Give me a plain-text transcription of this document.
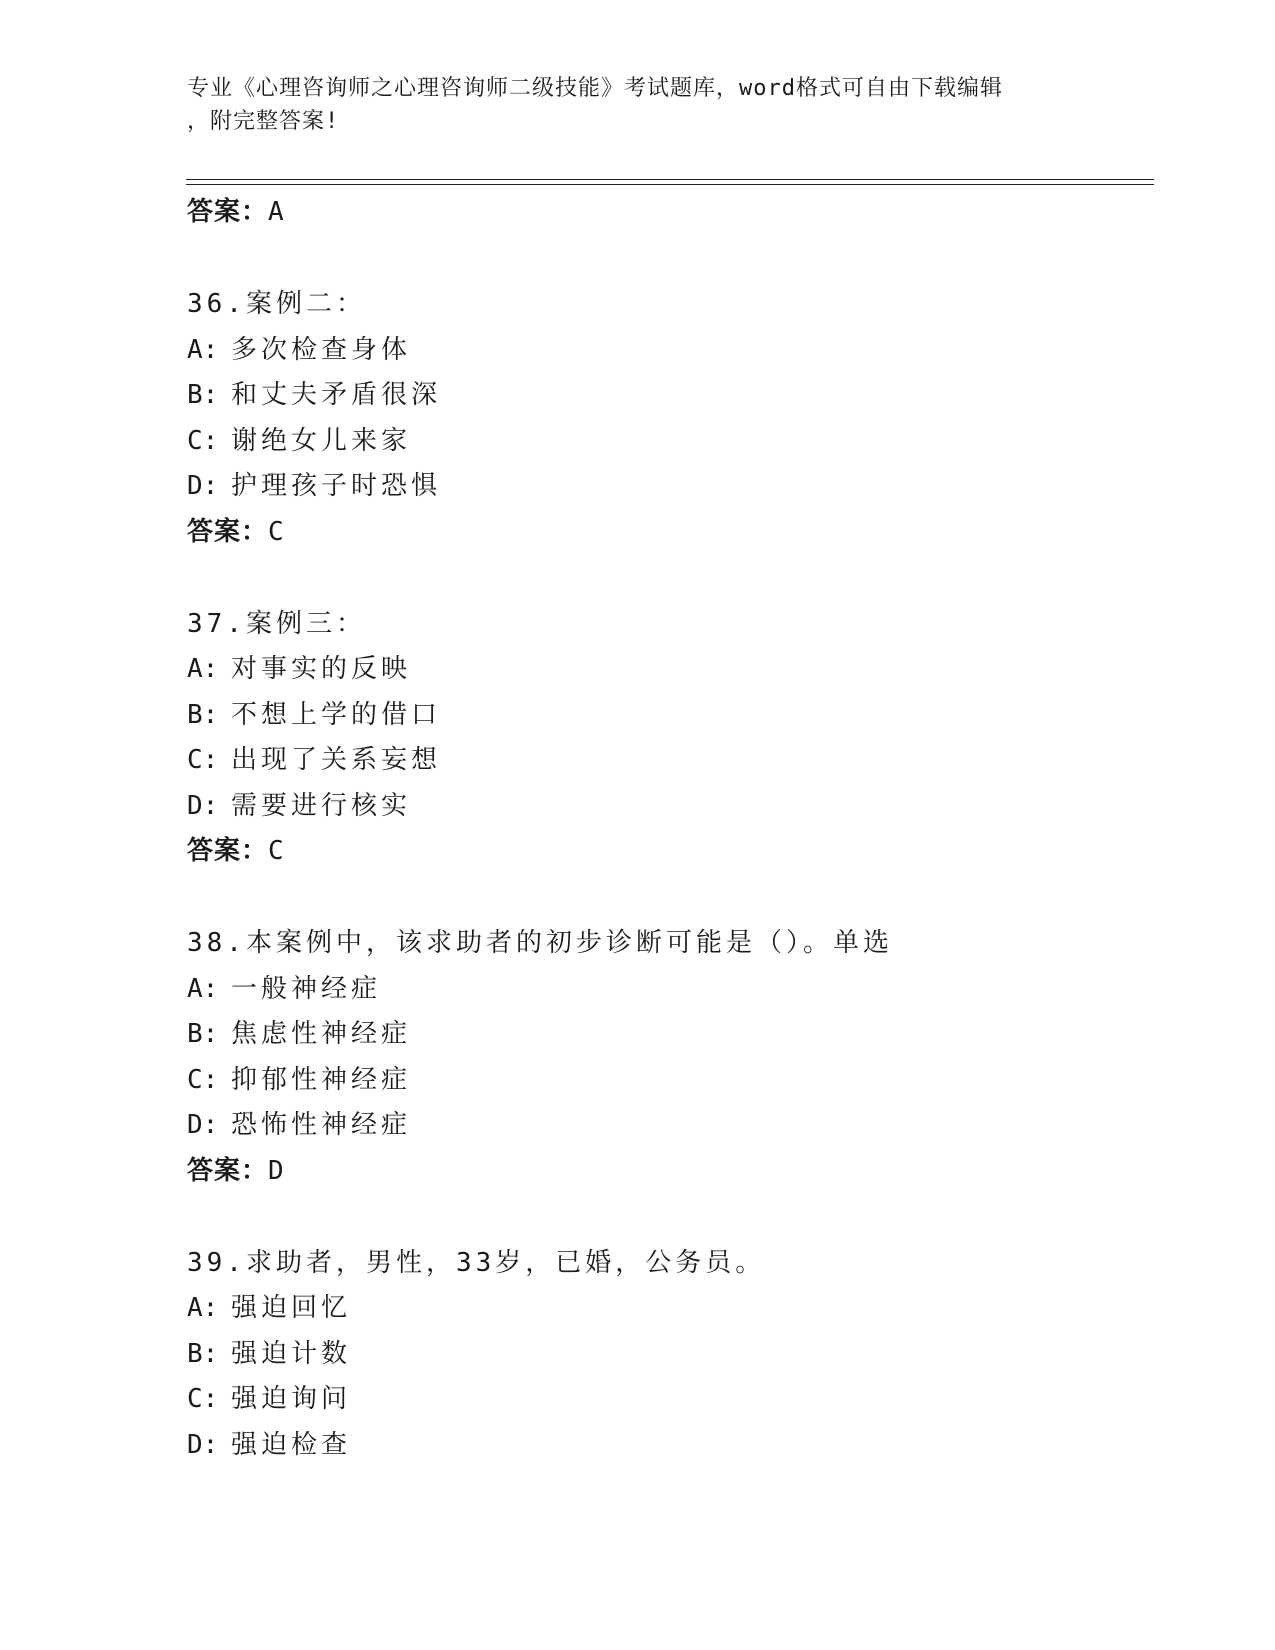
专业《心理咨询师之心理咨询师二级技能》考试题库，word格式可自由下载编辑
，附完整答案!
答案：A
36.案例二：
A: 多次检查身体
B: 和丈夫矛盾很深
C: 谢绝女儿来家
D: 护理孩子时恐惧
答案：C
37.案例三：
A: 对事实的反映
B: 不想上学的借口
C: 出现了关系妄想
D: 需要进行核实
答案：C
38.本案例中，该求助者的初步诊断可能是（）。单选
A: 一般神经症
B: 焦虑性神经症
C: 抑郁性神经症
D: 恐怖性神经症
答案：D
39.求助者，男性，33岁，已婚，公务员。
A: 强迫回忆
B: 强迫计数
C: 强迫询问
D: 强迫检查
